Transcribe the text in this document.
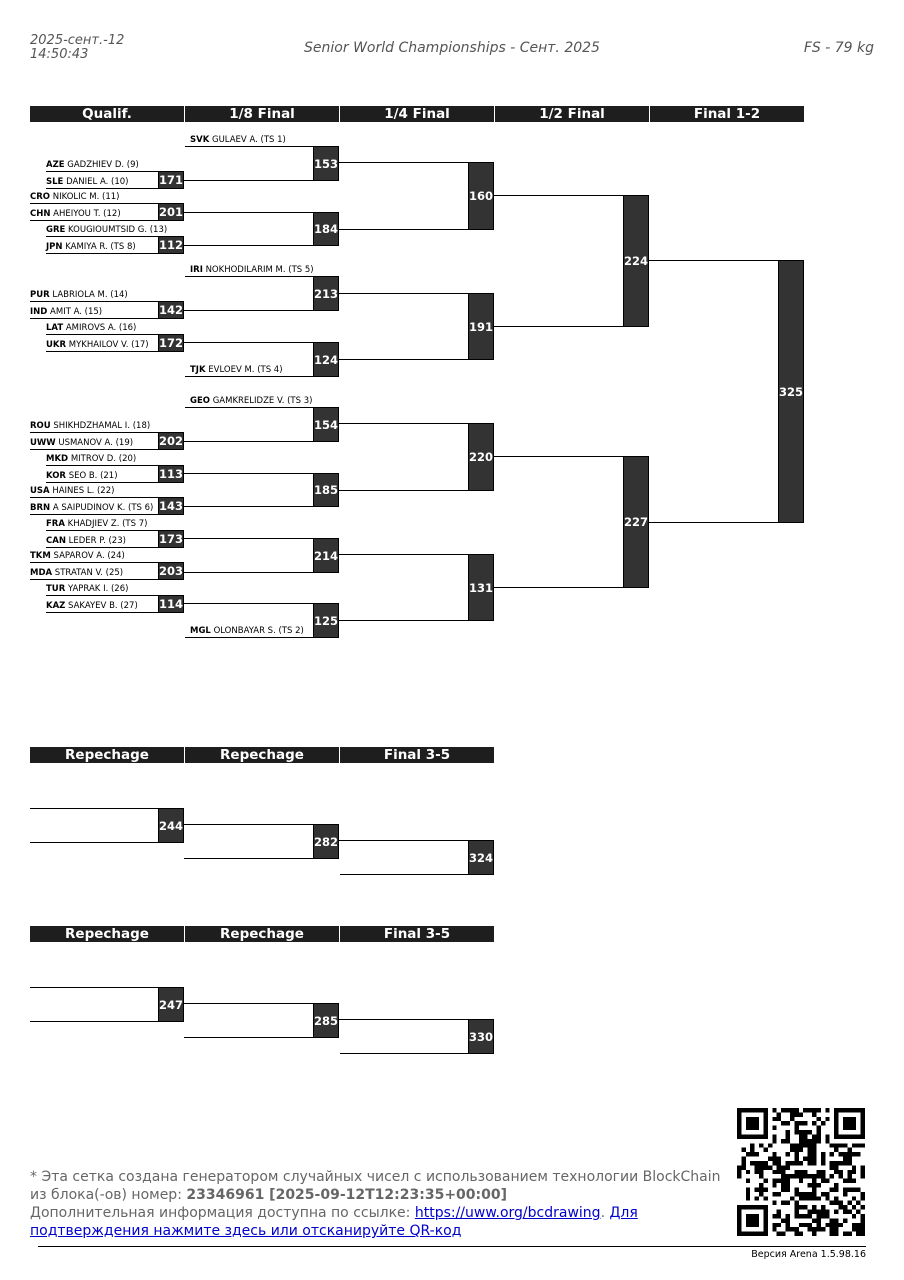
2025-сент.-12
14:50:43	Senior World Championships - Сент. 2025	FS - 79 kg
Qualif.	1/8 Final	1/4 Final	1/2 Final	Final 1-2
171
201
112
142
172
202
113
143
173
203
114
SVK GULAEV A. (TS 1)
AZE GADZHIEV D. (9)
SLE DANIEL A. (10)
CRO NIKOLIC M. (11)
CHN AHEIYOU T. (12)
GRE KOUGIOUMTSID G. (13)
JPN KAMIYA R. (TS 8)
IRI NOKHODILARIM M. (TS 5)
PUR LABRIOLA M. (14)
IND AMIT A. (15)
LAT AMIROVS A. (16)
UKR MYKHAILOV V. (17)
TJK EVLOEV M. (TS 4)
GEO GAMKRELIDZE V. (TS 3)
ROU SHIKHDZHAMAL I. (18)
UWW USMANOV A. (19)
MKD MITROV D. (20)
KOR SEO B. (21)
USA HAINES L. (22)
BRN A SAIPUDINOV K. (TS 6)
FRA KHADJIEV Z. (TS 7)
CAN LEDER P. (23)
TKM SAPAROV A. (24)
MDA STRATAN V. (25)
TUR YAPRAK I. (26)
KAZ SAKAYEV B. (27)
MGL OLONBAYAR S. (TS 2)
153
184
213
124
154
185
214
125
160
191
220
131
224
227
325
Repechage	Repechage	Final 3-5
244
282
324
Repechage	Repechage	Final 3-5
247
285
330
* Эта сетка создана генератором случайных чисел с использованием технологии BlockChain из блока(-ов) номер: 23346961 [2025-09-12T12:23:35+00:00]
Дополнительная информация доступна по ссылке: https://uww.org/bcdrawing. Для подтверждения нажмите здесь или отсканируйте QR-код
Версия Arena 1.5.98.16
